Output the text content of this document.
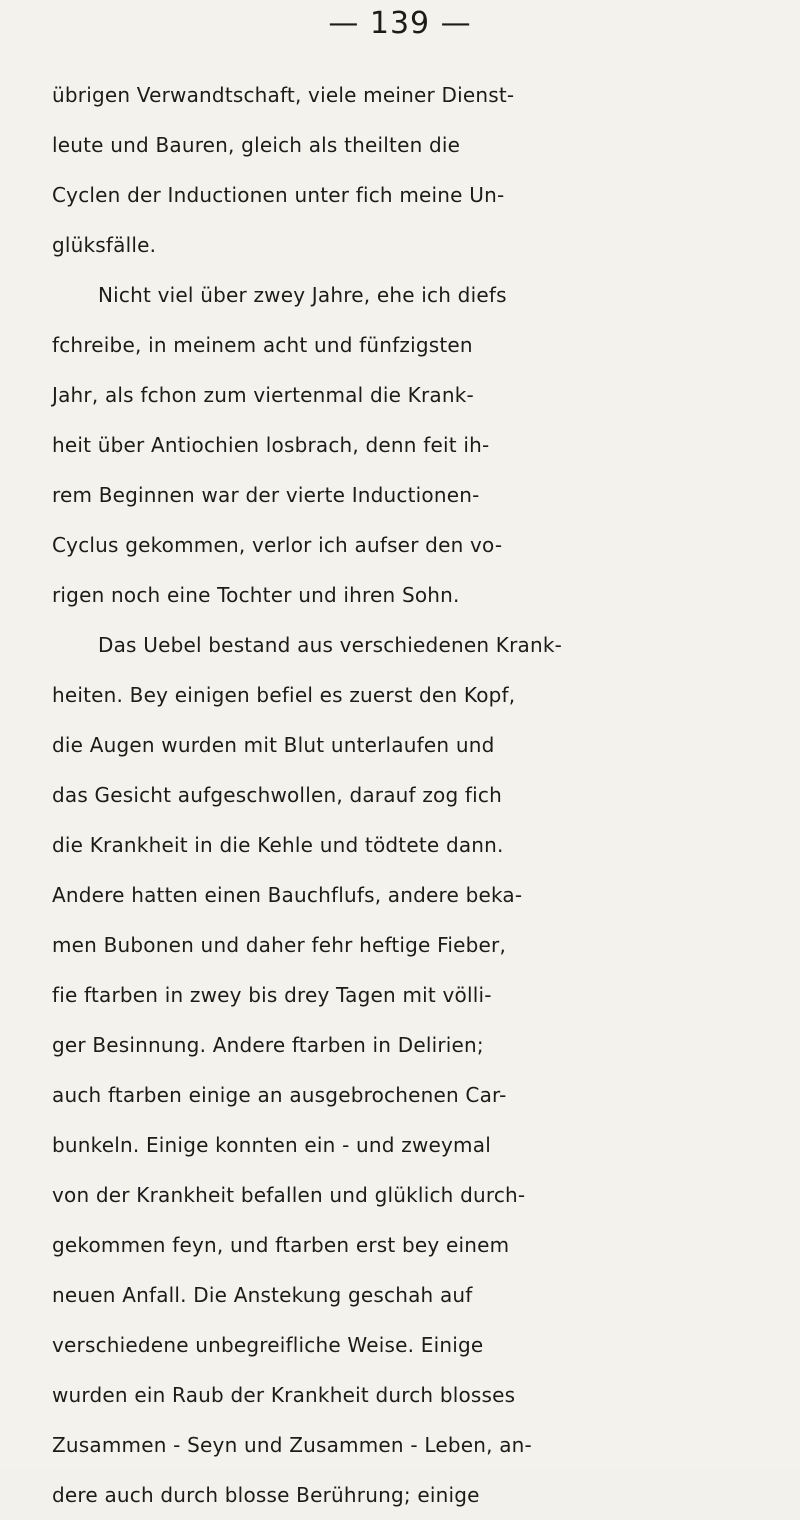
— 139 —
übrigen Verwandtschaft, viele meiner Dienst-
leute und Bauren, gleich als theilten die
Cyclen der Inductionen unter fich meine Un-
glüksfälle.
Nicht viel über zwey Jahre, ehe ich diefs
fchreibe, in meinem acht und fünfzigsten
Jahr, als fchon zum viertenmal die Krank-
heit über Antiochien losbrach, denn feit ih-
rem Beginnen war der vierte Inductionen-
Cyclus gekommen, verlor ich aufser den vo-
rigen noch eine Tochter und ihren Sohn.
Das Uebel bestand aus verschiedenen Krank-
heiten. Bey einigen befiel es zuerst den Kopf,
die Augen wurden mit Blut unterlaufen und
das Gesicht aufgeschwollen, darauf zog fich
die Krankheit in die Kehle und tödtete dann.
Andere hatten einen Bauchflufs, andere beka-
men Bubonen und daher fehr heftige Fieber,
fie ftarben in zwey bis drey Tagen mit völli-
ger Besinnung. Andere ftarben in Delirien;
auch ftarben einige an ausgebrochenen Car-
bunkeln. Einige konnten ein - und zweymal
von der Krankheit befallen und glüklich durch-
gekommen feyn, und ftarben erst bey einem
neuen Anfall. Die Anstekung geschah auf
verschiedene unbegreifliche Weise. Einige
wurden ein Raub der Krankheit durch blosses
Zusammen - Seyn und Zusammen - Leben, an-
dere auch durch blosse Berührung; einige
